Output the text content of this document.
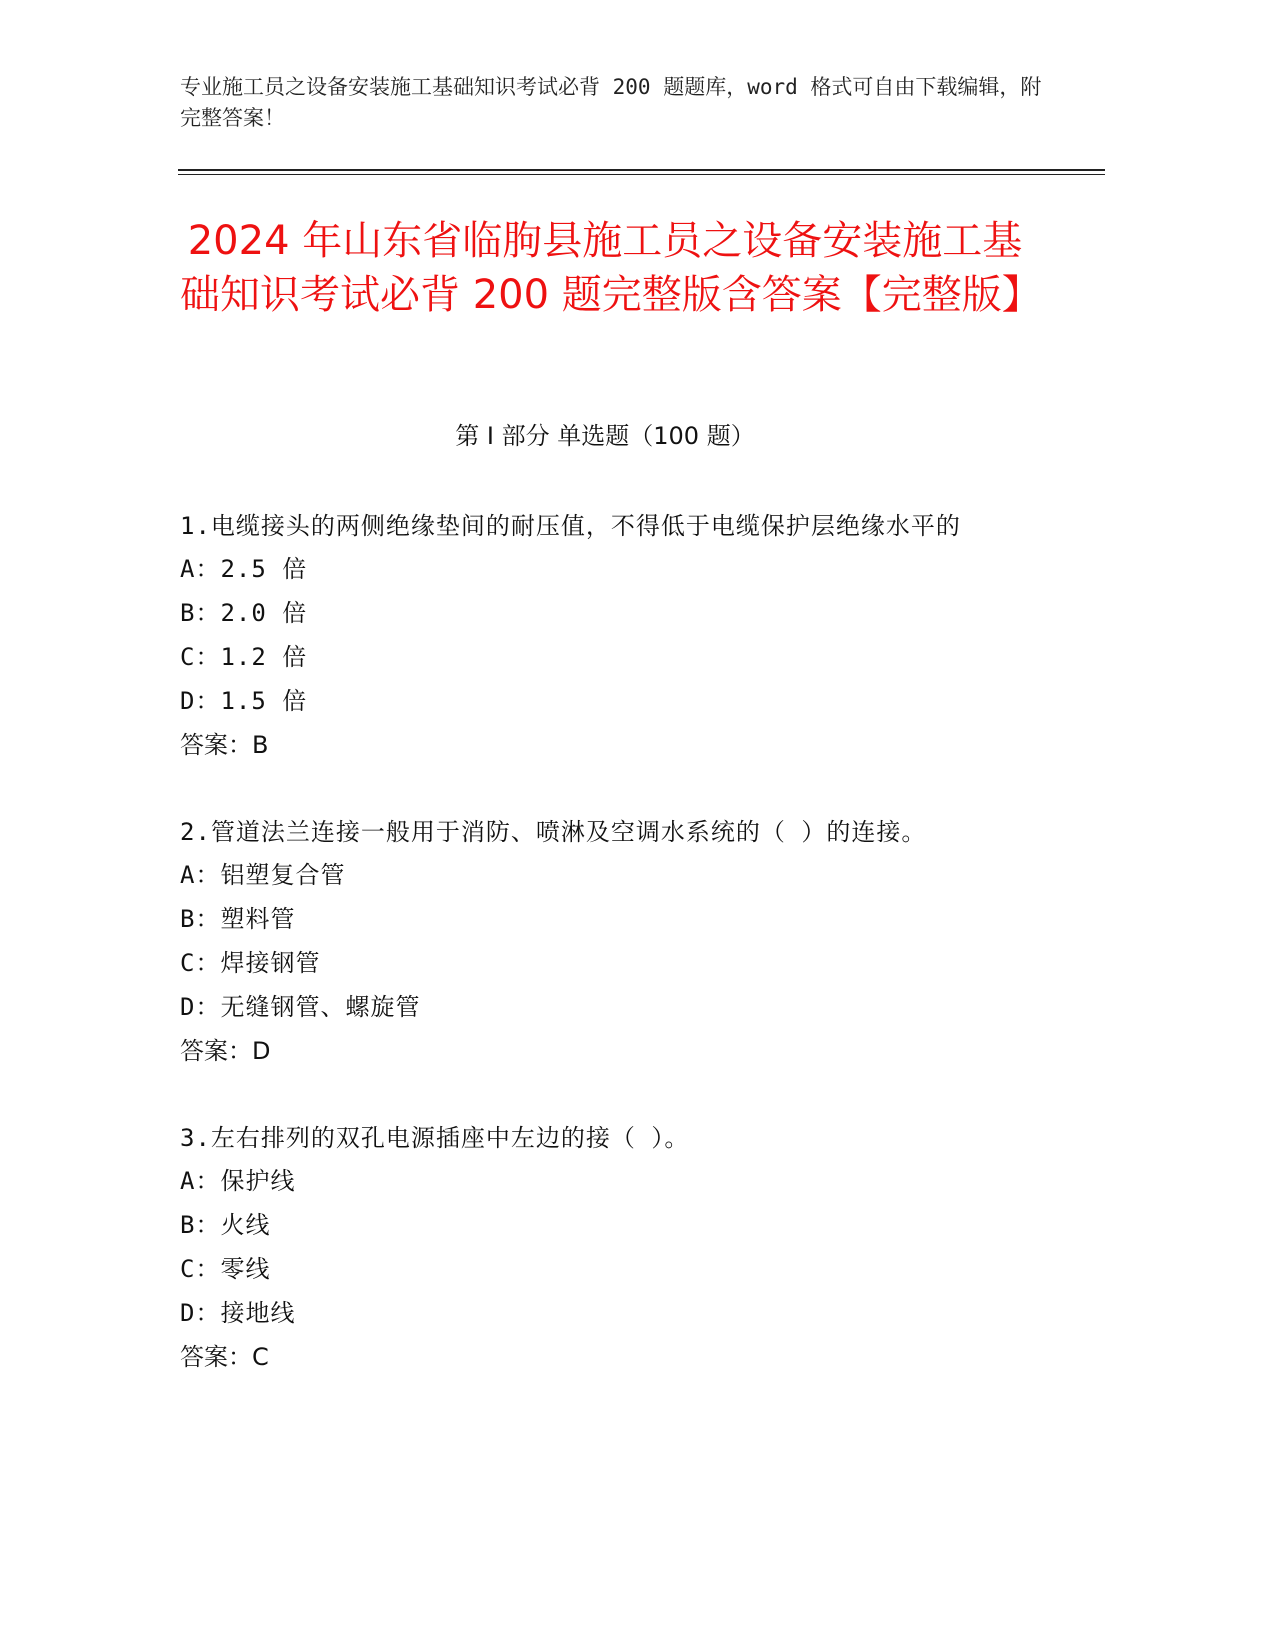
专业施工员之设备安装施工基础知识考试必背 200 题题库，word 格式可自由下载编辑，附完整答案！
2024 年山东省临朐县施工员之设备安装施工基础知识考试必背 200 题完整版含答案【完整版】
第 I 部分 单选题（100 题）
1.电缆接头的两侧绝缘垫间的耐压值，不得低于电缆保护层绝缘水平的
A： 2.5 倍
B： 2.0 倍
C： 1.2 倍
D： 1.5 倍
答案：B
2.管道法兰连接一般用于消防、喷淋及空调水系统的（ ）的连接。
A： 铝塑复合管
B： 塑料管
C： 焊接钢管
D： 无缝钢管、螺旋管
答案：D
3.左右排列的双孔电源插座中左边的接（ ）。
A： 保护线
B： 火线
C： 零线
D： 接地线
答案：C
